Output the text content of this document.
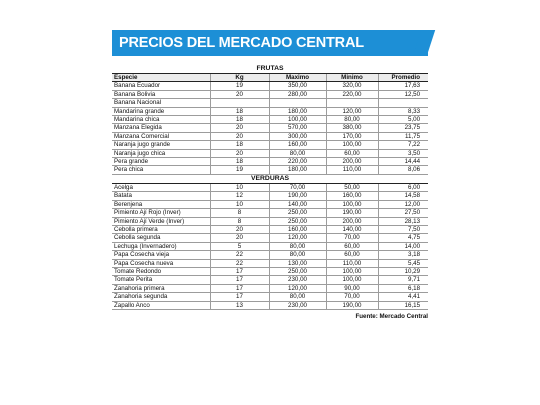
PRECIOS DEL MERCADO CENTRAL
FRUTAS				
Especie	Kg	Maximo	Minimo	Promedio
Banana Ecuador	19	350,00	320,00	17,63
Banana Bolivia	20	280,00	220,00	12,50
Banana Nacional				
Mandarina grande	18	180,00	120,00	8,33
Mandarina chica	18	100,00	80,00	5,00
Manzana Elegida	20	570,00	380,00	23,75
Manzana Comercial	20	300,00	170,00	11,75
Naranja jugo grande	18	160,00	100,00	7,22
Naranja jugo chica	20	80,00	60,00	3,50
Pera grande	18	220,00	200,00	14,44
Pera chica	19	180,00	110,00	8,06
VERDURAS				
Acelga	10	70,00	50,00	6,00
Batata	12	190,00	160,00	14,58
Berenjena	10	140,00	100,00	12,00
Pimiento Ají Rojo (Inver)	8	250,00	190,00	27,50
Pimiento Ají Verde (Inver)	8	250,00	200,00	28,13
Cebolla primera	20	160,00	140,00	7,50
Cebolla segunda	20	120,00	70,00	4,75
Lechuga (Invernadero)	5	80,00	60,00	14,00
Papa Cosecha vieja	22	80,00	60,00	3,18
Papa Cosecha nueva	22	130,00	110,00	5,45
Tomate Redondo	17	250,00	100,00	10,29
Tomate Perita	17	230,00	100,00	9,71
Zanahoria primera	17	120,00	90,00	6,18
Zanahoria segunda	17	80,00	70,00	4,41
Zapallo Anco	13	230,00	190,00	16,15
Fuente: Mercado Central
